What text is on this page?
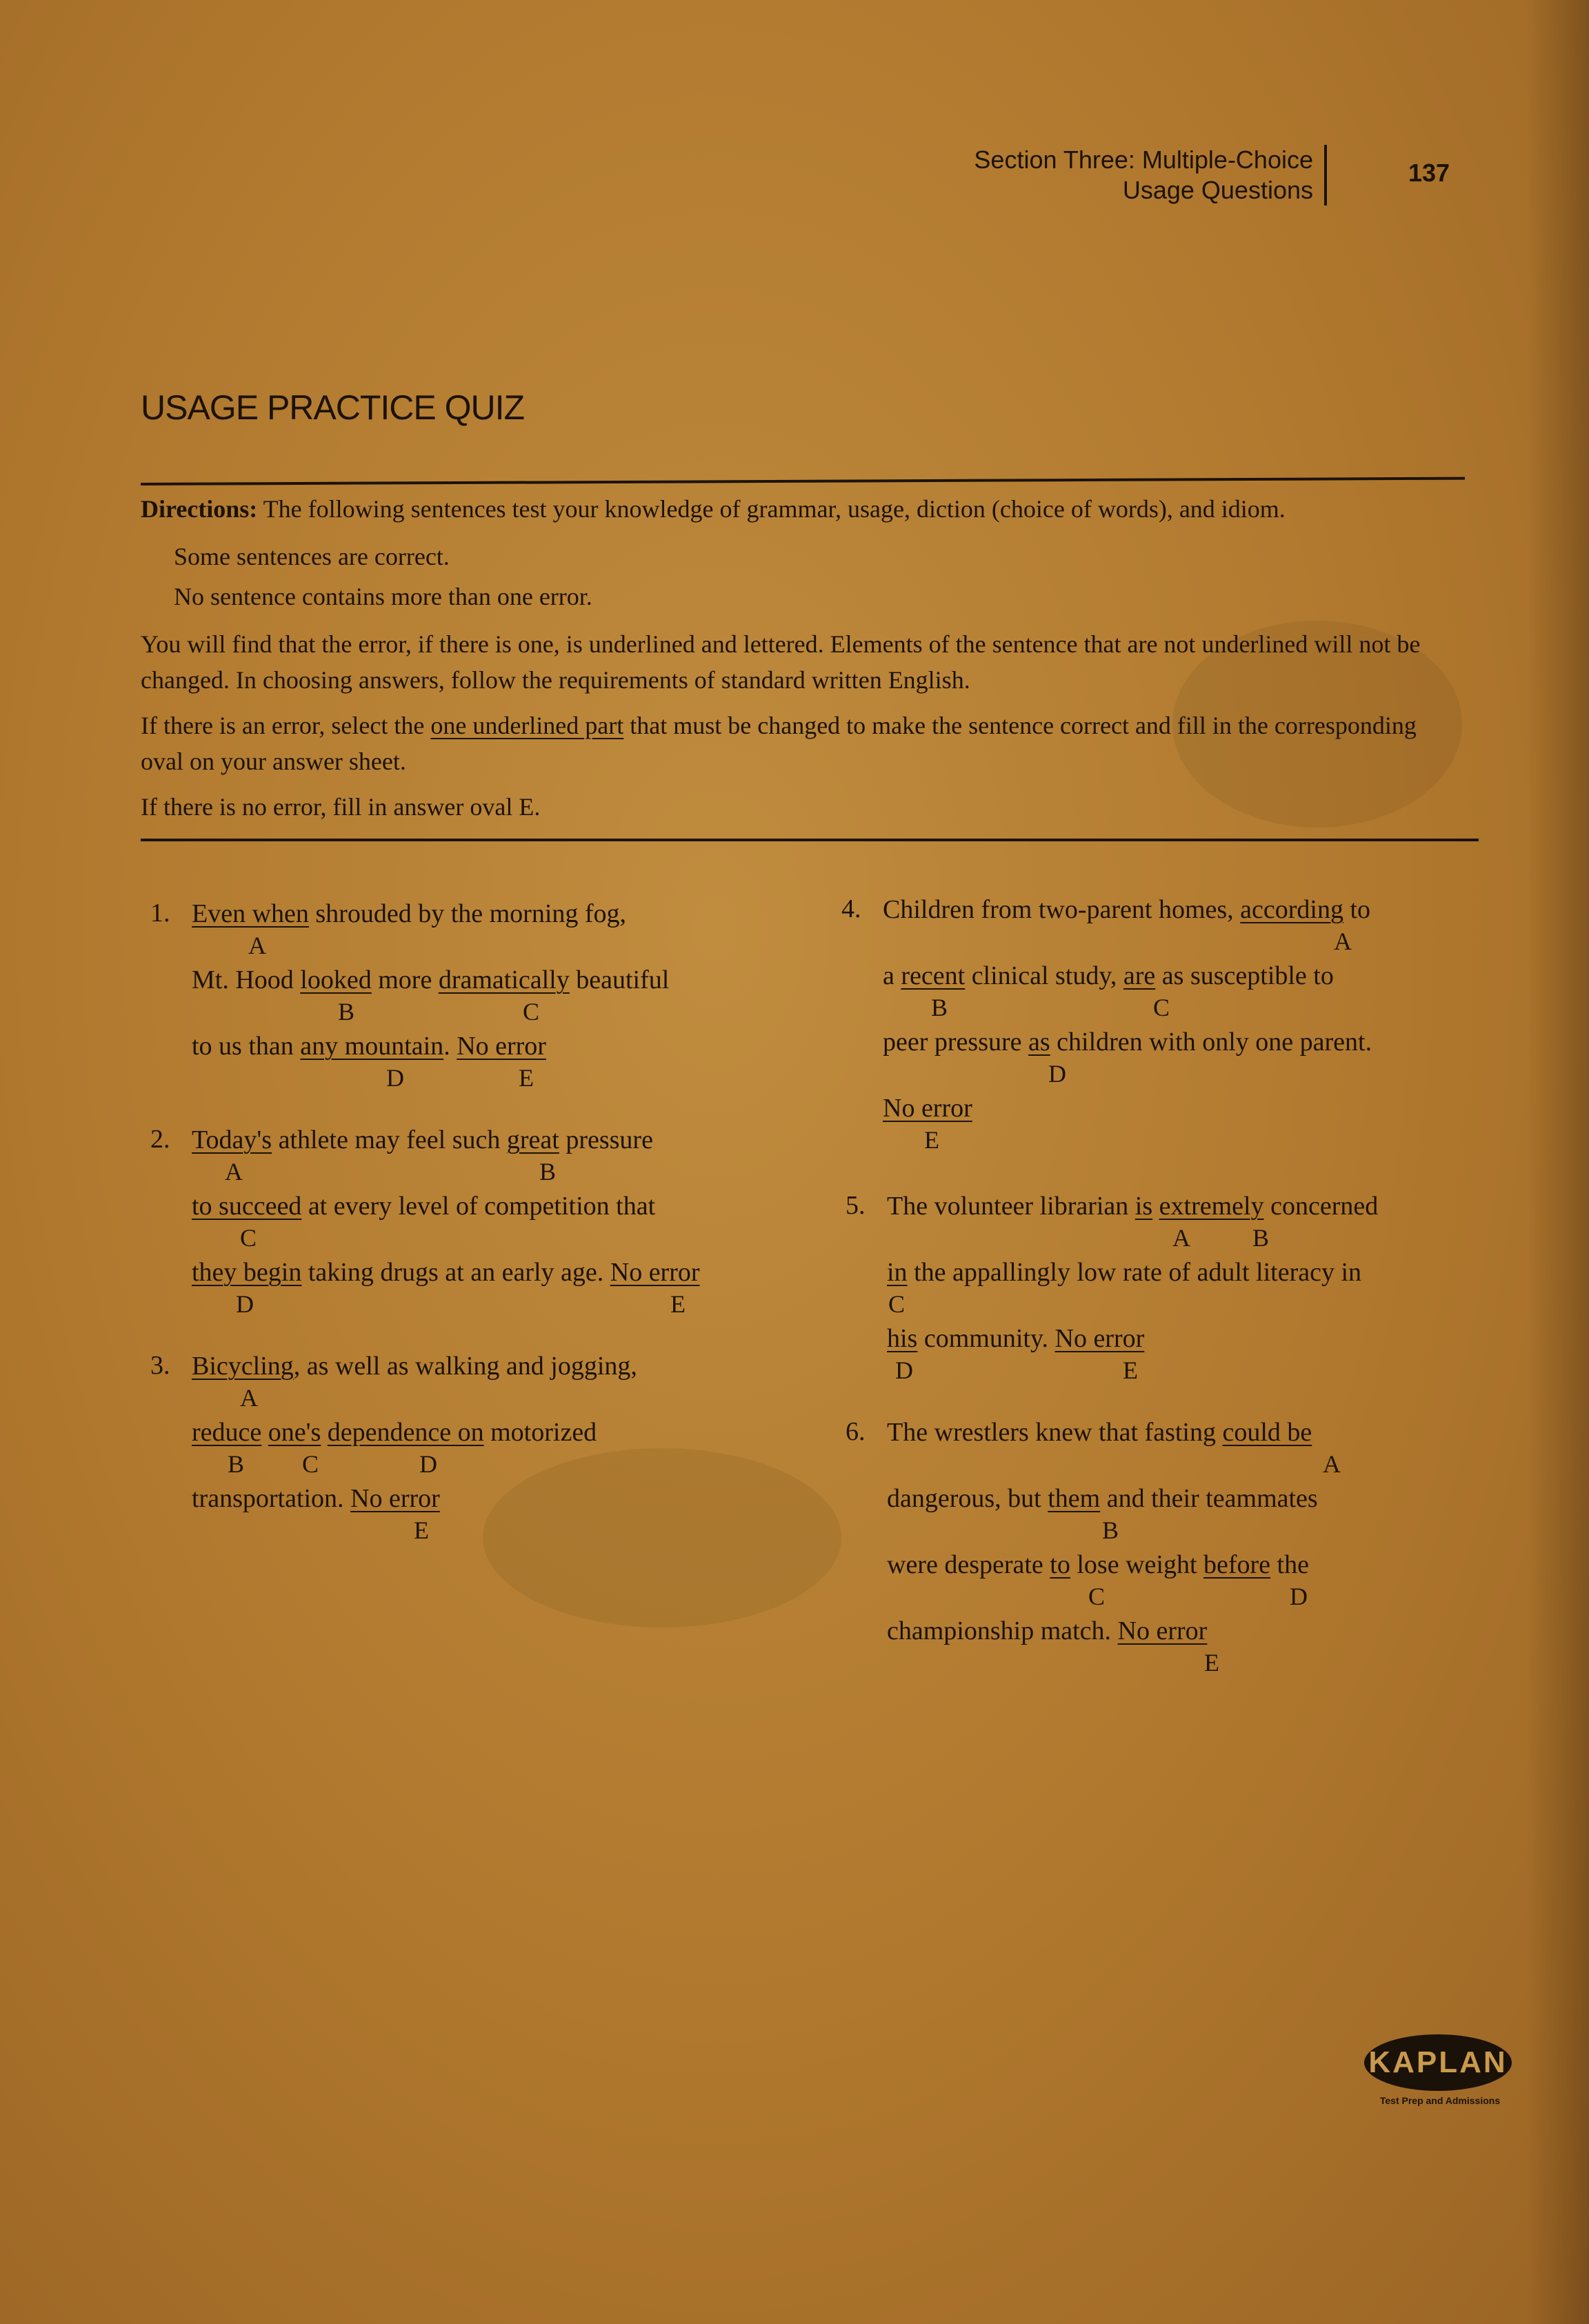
Section Three: Multiple-Choice
Usage Questions
137
USAGE PRACTICE QUIZ

Directions: The following sentences test your knowledge of grammar, usage, diction (choice of words), and idiom.

Some sentences are correct.

No sentence contains more than one error.

You will find that the error, if there is one, is underlined and lettered. Elements of the sentence that are not underlined will not be changed. In choosing answers, follow the requirements of standard written English.

If there is an error, select the one underlined part that must be changed to make the sentence correct and fill in the corresponding oval on your answer sheet.

If there is no error, fill in answer oval E.

1. Even when shrouded by the morning fog,
A
Mt. Hood looked more dramatically beautiful
B	C
to us than any mountain. No error
D	E
2. Today's athlete may feel such great pressure
A	B
to succeed at every level of competition that
C
they begin taking drugs at an early age. No error
D	E
3. Bicycling, as well as walking and jogging,
A
reduce one's dependence on motorized
B C	D
transportation. No error
E
4. Children from two-parent homes, according to
A
a recent clinical study, are as susceptible to
B	C
peer pressure as children with only one parent.
D
No error
E
5. The volunteer librarian is extremely concerned
A	B
in the appallingly low rate of adult literacy in
C
his community. No error
D	E
6. The wrestlers knew that fasting could be
A
dangerous, but them and their teammates
B
were desperate to lose weight before the
C	D
championship match. No error
E
KAPLAN
Test Prep and Admissions
